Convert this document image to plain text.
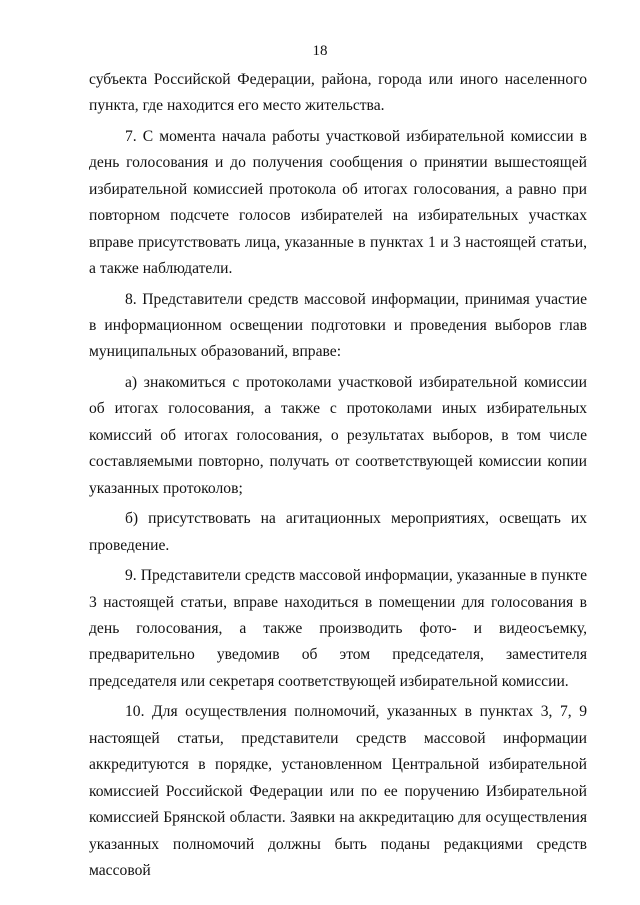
18

субъекта Российской Федерации, района, города или иного населенного пункта, где находится его место жительства.

7. С момента начала работы участковой избирательной комиссии в день голосования и до получения сообщения о принятии вышестоящей избирательной комиссией протокола об итогах голосования, а равно при повторном подсчете голосов избирателей на избирательных участках вправе присутствовать лица, указанные в пунктах 1 и 3 настоящей статьи, а также наблюдатели.

8. Представители средств массовой информации, принимая участие в информационном освещении подготовки и проведения выборов глав муниципальных образований, вправе:

а) знакомиться с протоколами участковой избирательной комиссии об итогах голосования, а также с протоколами иных избирательных комиссий об итогах голосования, о результатах выборов, в том числе составляемыми повторно, получать от соответствующей комиссии копии указанных протоколов;

б) присутствовать на агитационных мероприятиях, освещать их проведение.

9. Представители средств массовой информации, указанные в пункте 3 настоящей статьи, вправе находиться в помещении для голосования в день голосования, а также производить фото- и видеосъемку, предварительно уведомив об этом председателя, заместителя председателя или секретаря соответствующей избирательной комиссии.

10. Для осуществления полномочий, указанных в пунктах 3, 7, 9 настоящей статьи, представители средств массовой информации аккредитуются в порядке, установленном Центральной избирательной комиссией Российской Федерации или по ее поручению Избирательной комиссией Брянской области. Заявки на аккредитацию для осуществления указанных полномочий должны быть поданы редакциями средств массовой
